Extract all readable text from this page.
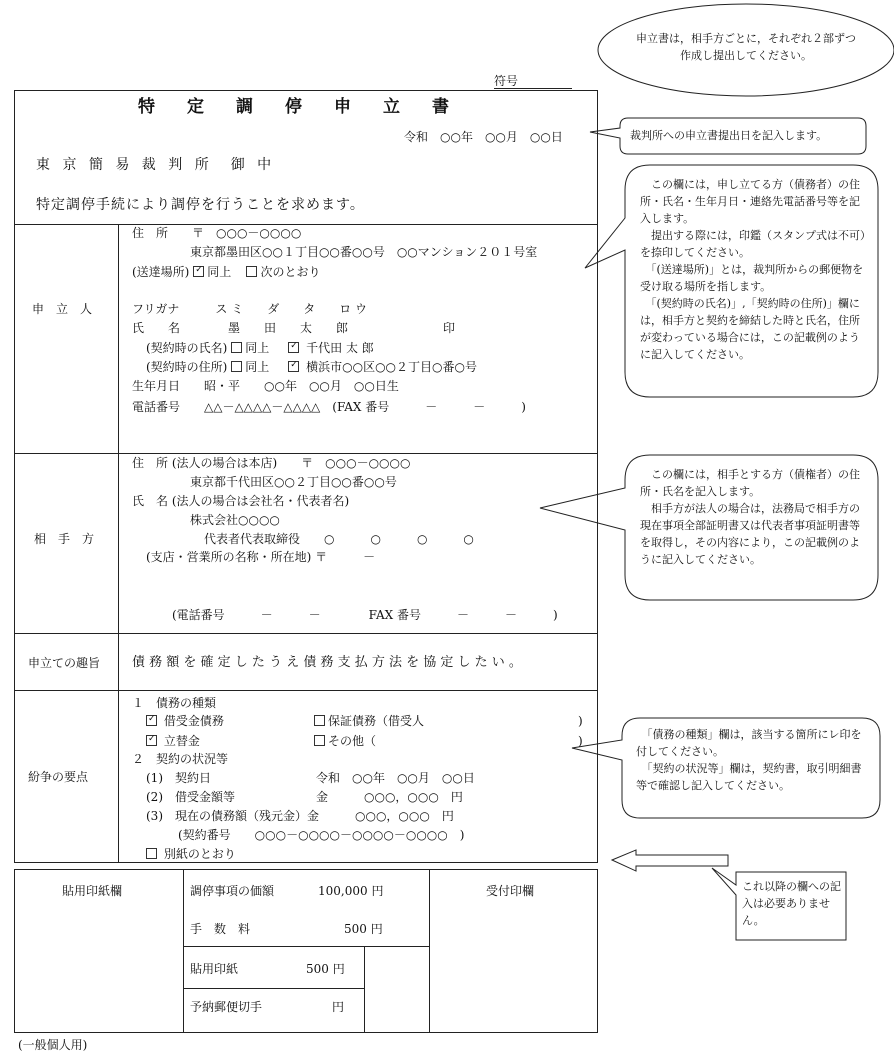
符号
特定調停申立書
令和　○○年　○○月　○○日
東 京 簡 易 裁 判 所　御 中
特定調停手続により調停を行うことを求めます。
申　立　人
住　所　　〒　○○○－○○○○
東京都墨田区○○１丁目○○番○○号　○○マンション２０１号室
(送達場所) ✓ 同上 次のとおり
フリガナ　　　ス ミ　　ダ　　タ　　ロ ウ
氏　　名　　　　墨　　田　　太　　郎	印
(契約時の氏名) 同上 ✓	千代田 太 郎
(契約時の住所) 同上 ✓	横浜市○○区○○２丁目○番○号
生年月日　　昭・平　　○○年　○○月　○○日生
電話番号　　△△－△△△△－△△△△　(FAX 番号　　　－　　　－　　　)
相　手　方
住　所 (法人の場合は本店)　　〒　○○○－○○○○
東京都千代田区○○２丁目○○番○○号
氏　名 (法人の場合は会社名・代表者名)
株式会社○○○○
代表者代表取締役　　○　　　○　　　○　　　○
(支店・営業所の名称・所在地) 〒　　　－
(電話番号　　　－　　　－　　　　FAX 番号　　　－　　　－　　　)
申立ての趣旨 債 務 額 を 確 定 し た う え 債 務 支 払 方 法 を 協 定 し た い 。
紛争の要点
１　債務の種類
✓ 借受金債務	保証債務（借受人	)
✓ 立替金	その他（	)
２　契約の状況等
(1)　契約日	令和　○○年　○○月　○○日
(2)　借受金額等	金　　　○○○，○○○　円
(3)　現在の債務額（残元金）金　　　○○○，○○○　円
(契約番号　　○○○－○○○○－○○○○－○○○○　)
別紙のとおり
貼用印紙欄	調停事項の価額	100,000 円
手　数　料	500 円
貼用印紙	500 円
予納郵便切手	円
受付印欄
(一般個人用)
申立書は，相手方ごとに，それぞれ２部ずつ作成し提出してください。
裁判所への申立書提出日を記入します。
　この欄には，申し立てる方（債務者）の住所・氏名・生年月日・連絡先電話番号等を記入します。
　提出する際には，印鑑（スタンプ式は不可）を捺印してください。
　「(送達場所)」とは，裁判所からの郵便物を受け取る場所を指します。
　「(契約時の氏名)」,「契約時の住所)」欄には，相手方と契約を締結した時と氏名，住所が変わっている場合には，この記載例のように記入してください。
　この欄には，相手とする方（債権者）の住所・氏名を記入します。
　相手方が法人の場合は，法務局で相手方の現在事項全部証明書又は代表者事項証明書等を取得し，その内容により，この記載例のように記入してください。
　「債務の種類」欄は，該当する箇所にレ印を付してください。
　「契約の状況等」欄は，契約書，取引明細書等で確認し記入してください。
これ以降の欄への記入は必要ありません。
